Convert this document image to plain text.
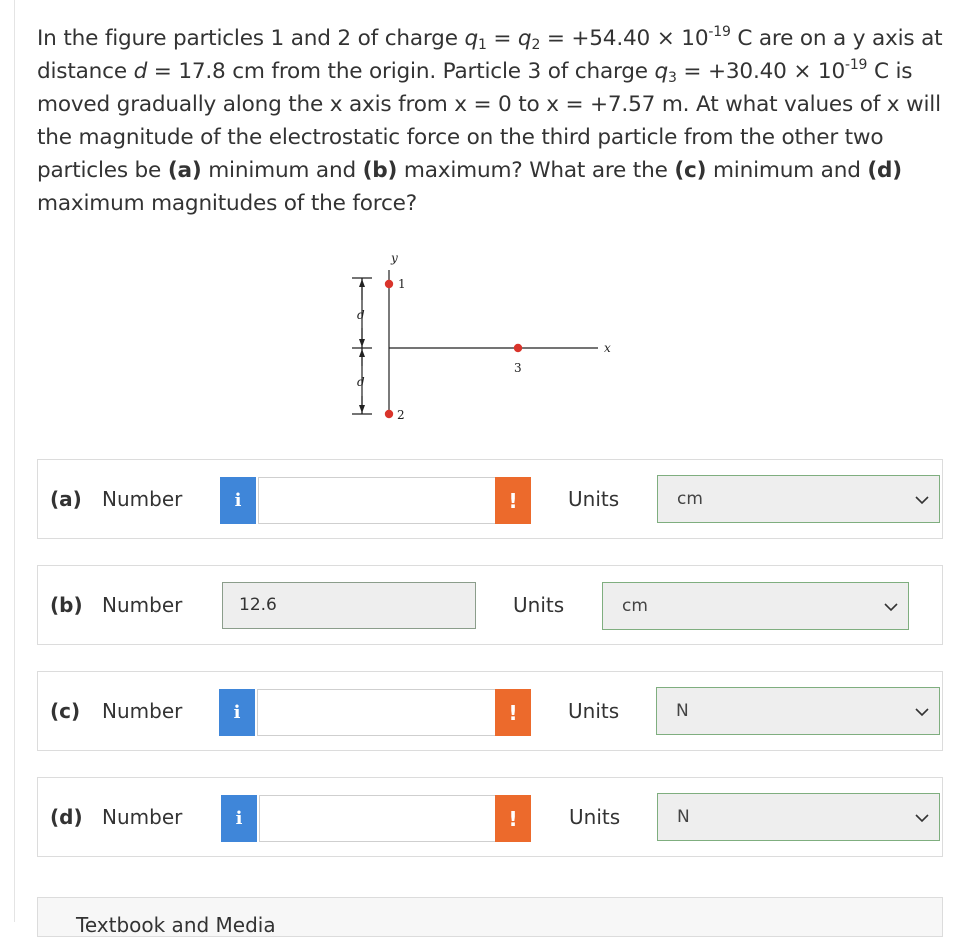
In the figure particles 1 and 2 of charge $q_1 = q_2 = +54.40 \times 10^{-19}$ C are on a y axis at distance d = 17.8 cm from the origin. Particle 3 of charge $q_3 = +30.40 \times 10^{-19}$ C is moved gradually along the x axis from x = 0 to x = +7.57 m. At what values of x will the magnitude of the electrostatic force on the third particle from the other two particles be (a) minimum and (b) maximum? What are the (c) minimum and (d) maximum magnitudes of the force?
y
x
d
d
1
2
3
(a) Number	i	!	Units	cm
(b) Number	12.6	Units	cm
(c) Number	i	!	Units	N
(d) Number	i	!	Units	N
Textbook and Media
